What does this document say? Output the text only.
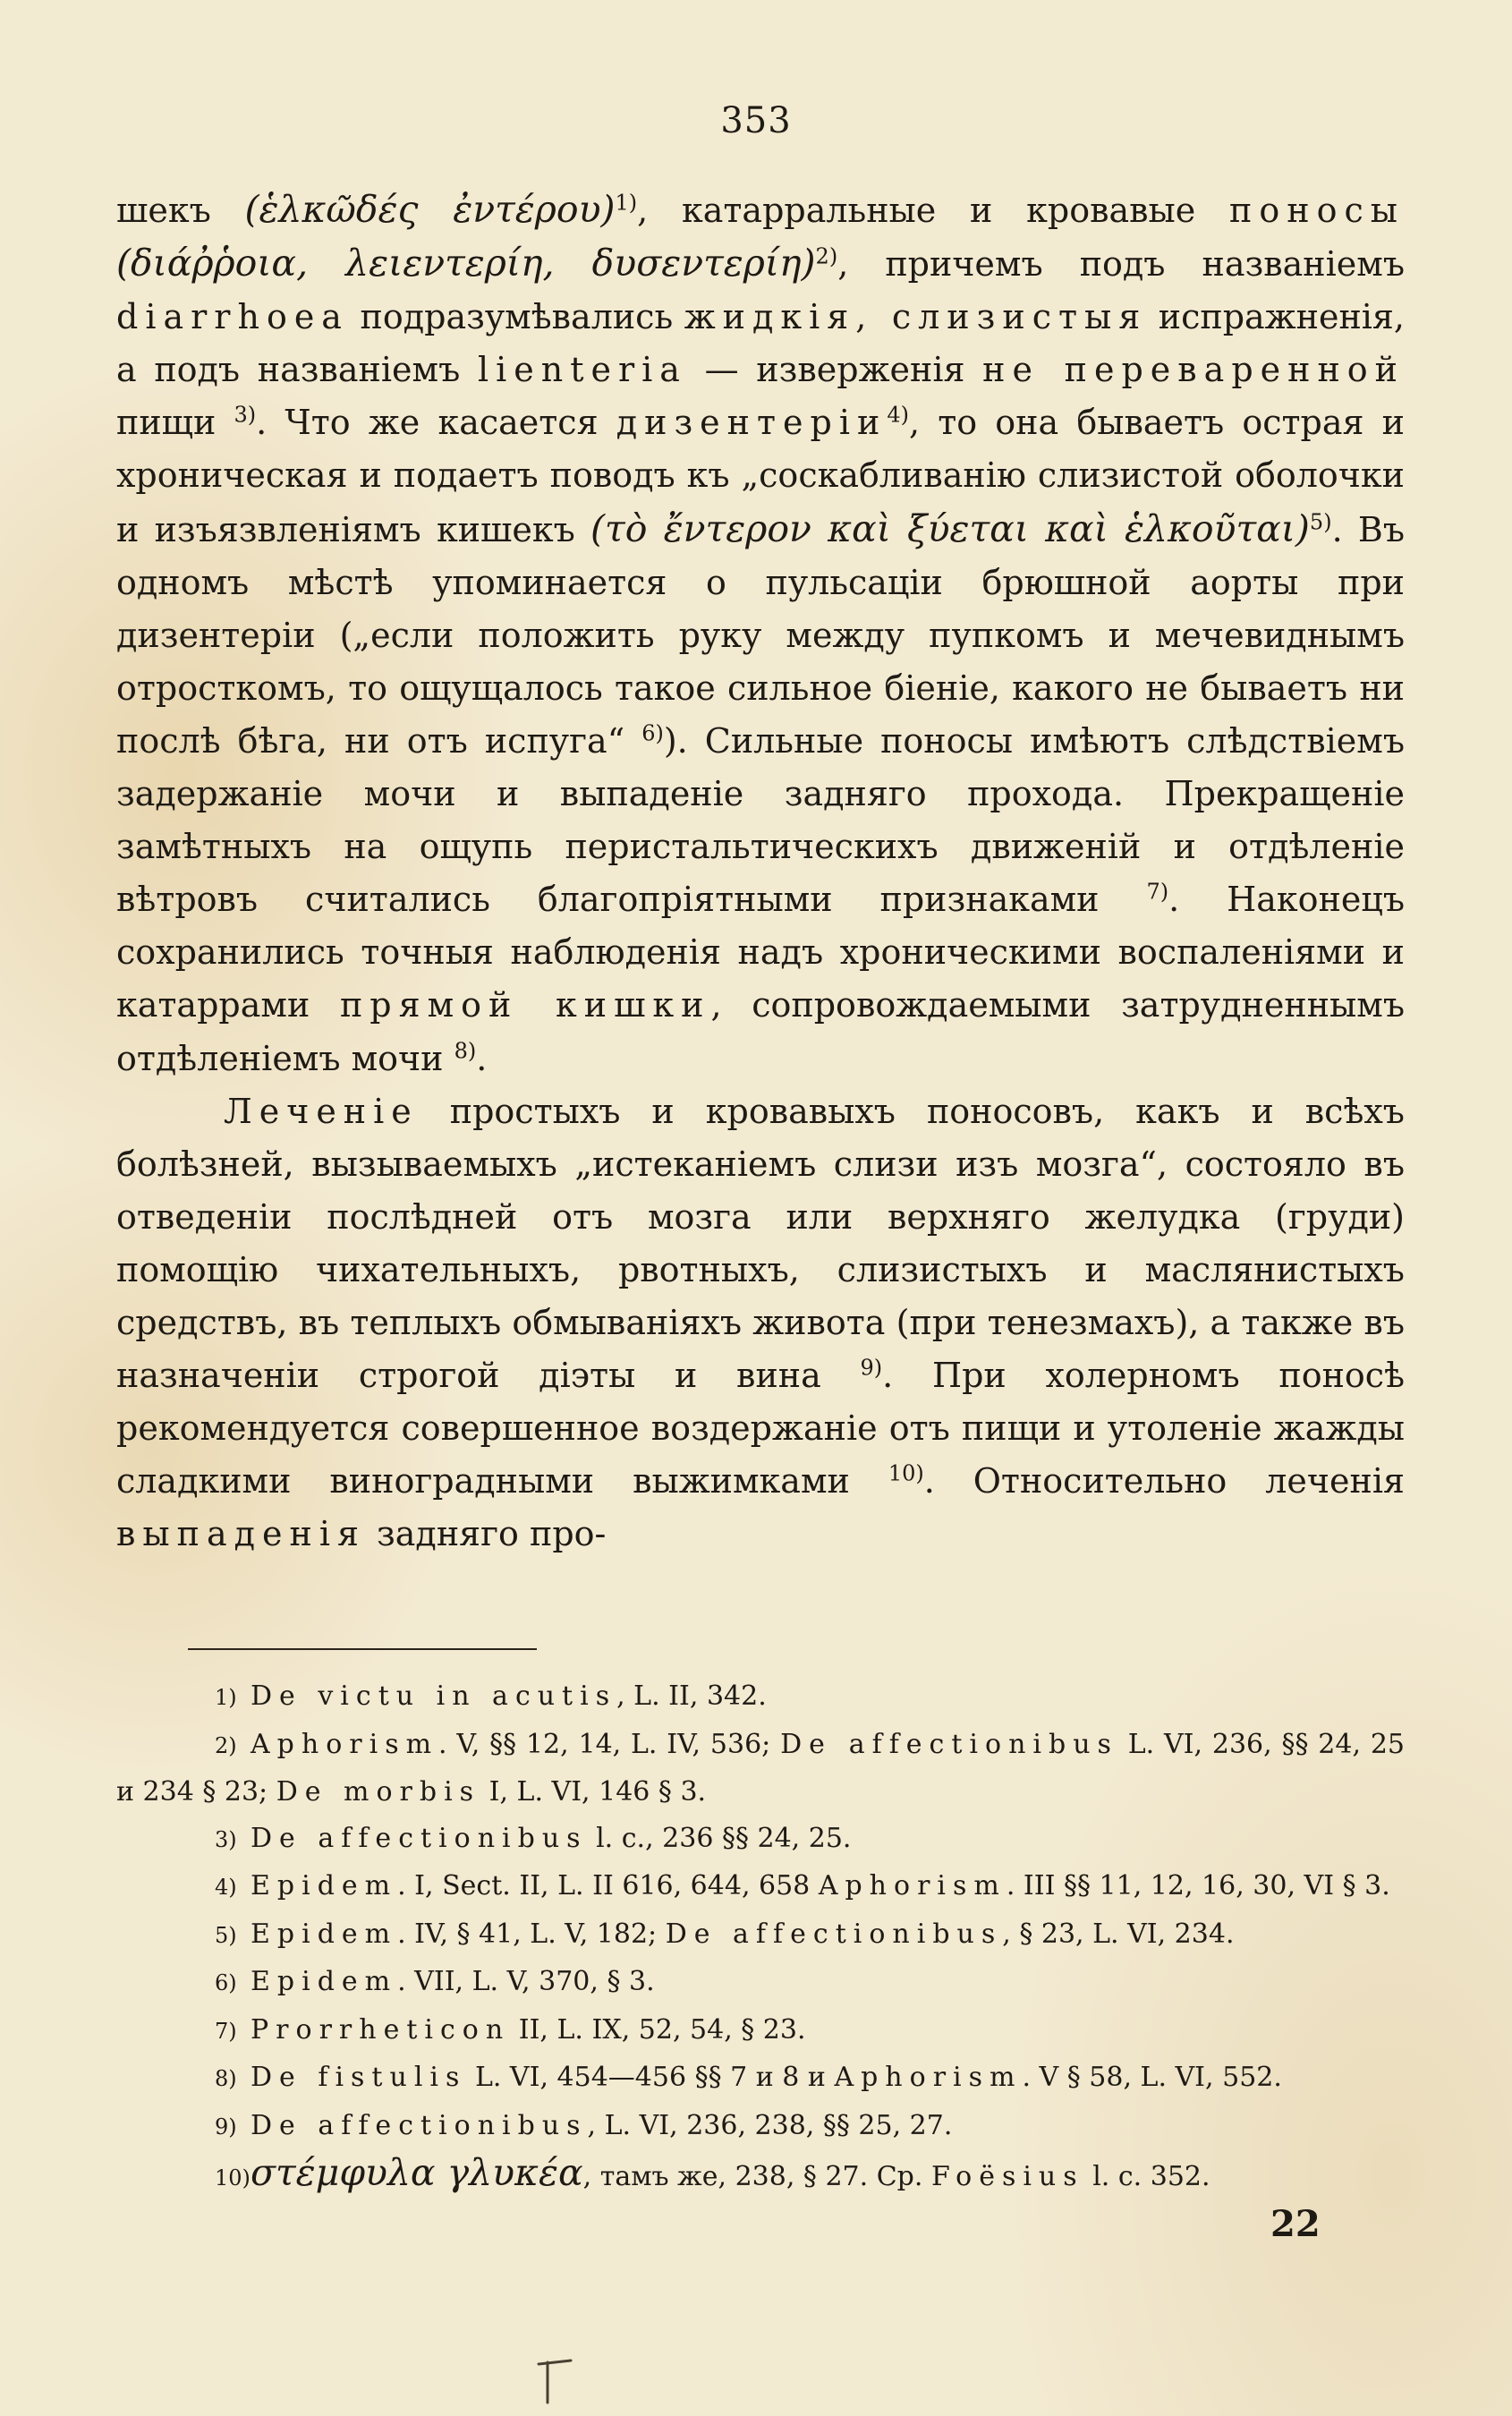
353

шекъ (ἑλκῶδές ἐντέρου)$^{1)}$, катарральные и кровавые поносы (διάῤῥοια, λειεντερίη, δυσεντερίη)$^{2)}$, причемъ подъ названiемъ diarrhoea подразумѣвались жидкiя, слизистыя испражненiя, а подъ названiемъ lienteria — изверженiя не переваренной пищи $^{3)}$. Что же касается дизентерiи$^{4)}$, то она бываетъ острая и хроническая и подаетъ поводъ къ „соскабливанiю слизистой оболочки и изъязвленiямъ кишекъ (τὸ ἔντερον καὶ ξύεται καὶ ἑλκοῦται)$^{5)}$. Въ одномъ мѣстѣ упоминается о пульсацiи брюшной аорты при дизентерiи („если положить руку между пупкомъ и мечевиднымъ отросткомъ, то ощущалось такое сильное бiенiе, какого не бываетъ ни послѣ бѣга, ни отъ испуга“ $^{6)}$). Сильные поносы имѣютъ слѣдствiемъ задержанiе мочи и выпаденiе задняго прохода. Прекращенiе замѣтныхъ на ощупь перистальтическихъ движенiй и отдѣленiе вѣтровъ считались благопрiятными признаками $^{7)}$. Наконецъ сохранились точныя наблюденiя надъ хроническими воспаленiями и катаррами прямой кишки, сопровождаемыми затрудненнымъ отдѣленiемъ мочи $^{8)}$.

Леченiе простыхъ и кровавыхъ поносовъ, какъ и всѣхъ болѣзней, вызываемыхъ „истеканiемъ слизи изъ мозга“, состояло въ отведенiи послѣдней отъ мозга или верхняго желудка (груди) помощiю чихательныхъ, рвотныхъ, слизистыхъ и маслянистыхъ средствъ, въ теплыхъ обмыванiяхъ живота (при тенезмахъ), а также въ назначенiи строгой дiэты и вина $^{9)}$. При холерномъ поносѣ рекомендуется совершенное воздержанiе отъ пищи и утоленiе жажды сладкими виноградными выжимками $^{10)}$. Относительно леченiя выпаденiя задняго про-

1) De victu in acutis, L. II, 342.

2) Aphorism. V, §§ 12, 14, L. IV, 536; De affectionibus L. VI, 236, §§ 24, 25 и 234 § 23; De morbis I, L. VI, 146 § 3.

3) De affectionibus l. c., 236 §§ 24, 25.

4) Epidem. I, Sect. II, L. II 616, 644, 658 Aphorism. III §§ 11, 12, 16, 30, VI § 3.

5) Epidem. IV, § 41, L. V, 182; De affectionibus, § 23, L. VI, 234.

6) Epidem. VII, L. V, 370, § 3.

7) Prorrheticon II, L. IX, 52, 54, § 23.

8) De fistulis L. VI, 454—456 §§ 7 и 8 и Aphorism. V § 58, L. VI, 552.

9) De affectionibus, L. VI, 236, 238, §§ 25, 27.

10)στέμφυλα γλυκέα, тамъ же, 238, § 27. Ср. Foësius l. c. 352.

22
